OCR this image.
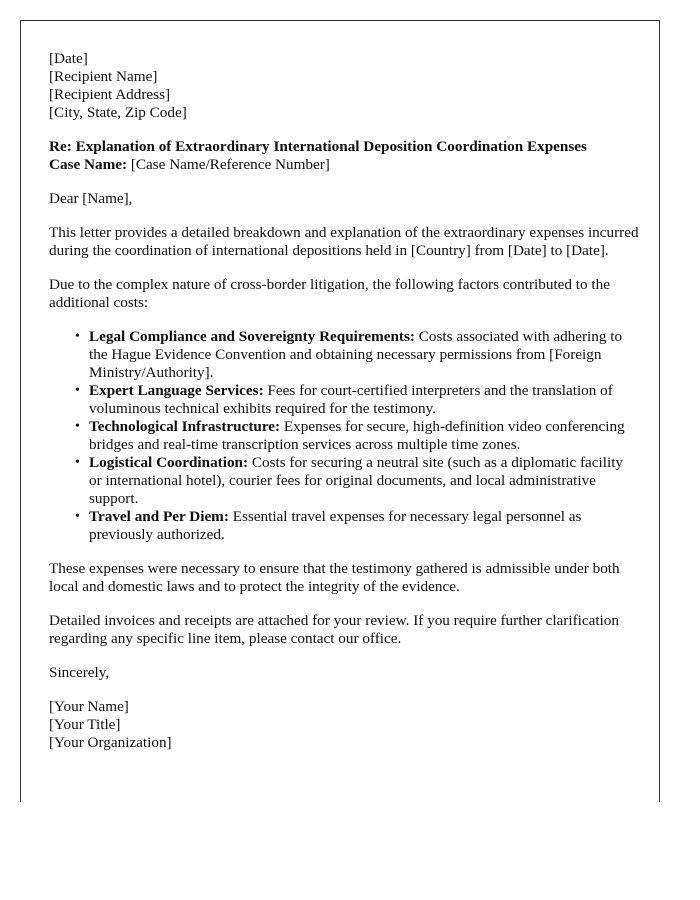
[Date]

[Recipient Name]

[Recipient Address]

[City, State, Zip Code]

Re: Explanation of Extraordinary International Deposition Coordination Expenses

Case Name: [Case Name/Reference Number]

Dear [Name],

This letter provides a detailed breakdown and explanation of the extraordinary expenses incurred during the coordination of international depositions held in [Country] from [Date] to [Date].

Due to the complex nature of cross-border litigation, the following factors contributed to the additional costs:

• Legal Compliance and Sovereignty Requirements: Costs associated with adhering to the Hague Evidence Convention and obtaining necessary permissions from [Foreign Ministry/Authority].
• Expert Language Services: Fees for court-certified interpreters and the translation of voluminous technical exhibits required for the testimony.
• Technological Infrastructure: Expenses for secure, high-definition video conferencing bridges and real-time transcription services across multiple time zones.
• Logistical Coordination: Costs for securing a neutral site (such as a diplomatic facility or international hotel), courier fees for original documents, and local administrative support.
• Travel and Per Diem: Essential travel expenses for necessary legal personnel as previously authorized.

These expenses were necessary to ensure that the testimony gathered is admissible under both local and domestic laws and to protect the integrity of the evidence.

Detailed invoices and receipts are attached for your review. If you require further clarification regarding any specific line item, please contact our office.

Sincerely,

[Your Name]

[Your Title]

[Your Organization]
